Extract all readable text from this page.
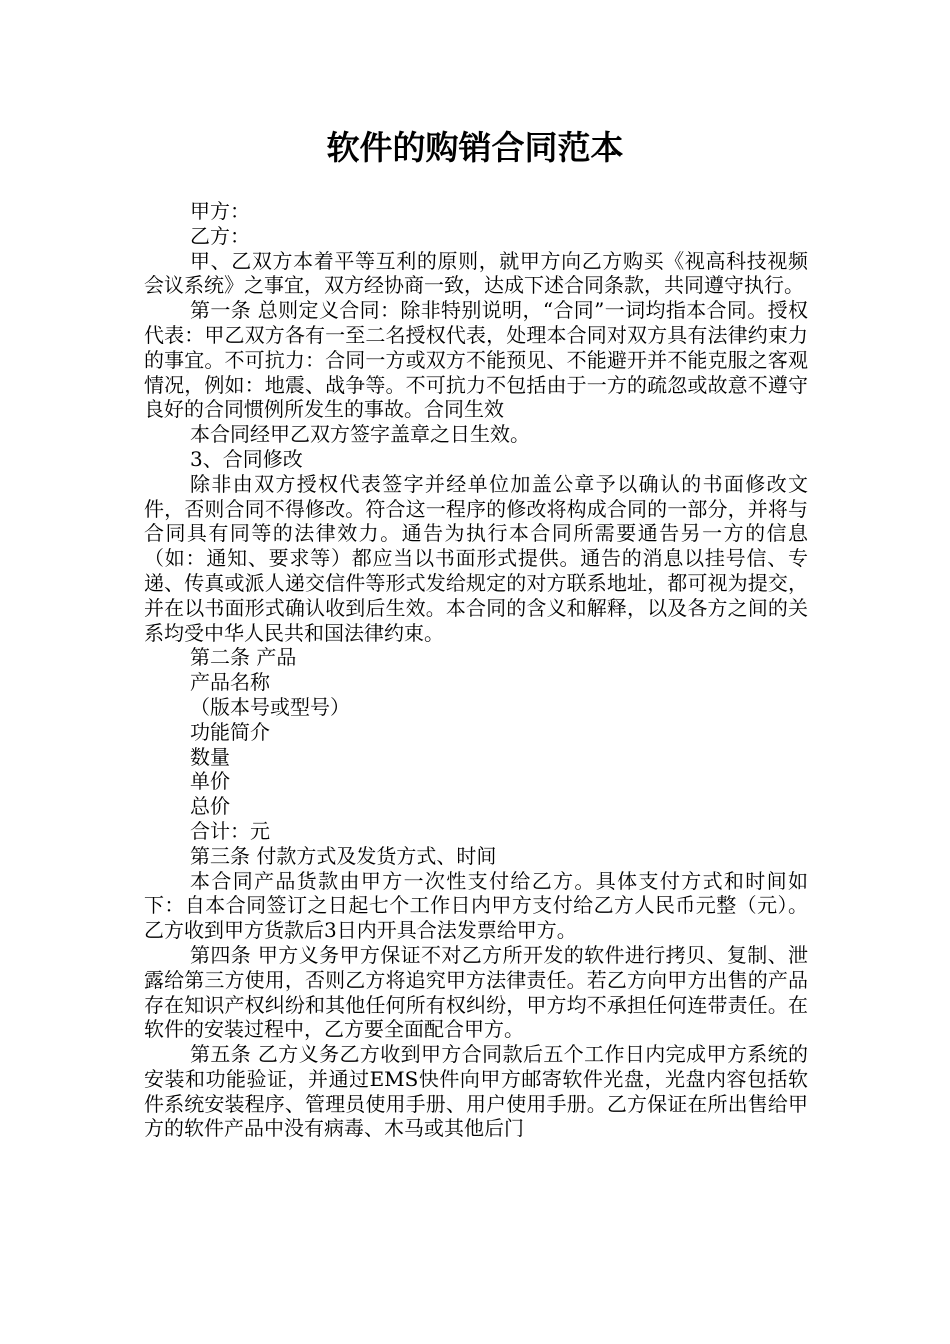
软件的购销合同范本

甲方：

乙方：

甲、乙双方本着平等互利的原则，就甲方向乙方购买《视高科技视频会议系统》之事宜，双方经协商一致，达成下述合同条款，共同遵守执行。

第一条 总则定义合同：除非特别说明，“合同”一词均指本合同。授权代表：甲乙双方各有一至二名授权代表，处理本合同对双方具有法律约束力的事宜。不可抗力：合同一方或双方不能预见、不能避开并不能克服之客观情况，例如：地震、战争等。不可抗力不包括由于一方的疏忽或故意不遵守良好的合同惯例所发生的事故。合同生效

本合同经甲乙双方签字盖章之日生效。

3、合同修改

除非由双方授权代表签字并经单位加盖公章予以确认的书面修改文件，否则合同不得修改。符合这一程序的修改将构成合同的一部分，并将与合同具有同等的法律效力。通告为执行本合同所需要通告另一方的信息（如：通知、要求等）都应当以书面形式提供。通告的消息以挂号信、专递、传真或派人递交信件等形式发给规定的对方联系地址，都可视为提交，并在以书面形式确认收到后生效。本合同的含义和解释，以及各方之间的关系均受中华人民共和国法律约束。

第二条 产品

产品名称

（版本号或型号）

功能简介

数量

单价

总价

合计：元

第三条 付款方式及发货方式、时间

本合同产品货款由甲方一次性支付给乙方。具体支付方式和时间如下：自本合同签订之日起七个工作日内甲方支付给乙方人民币元整（元）。乙方收到甲方货款后3日内开具合法发票给甲方。

第四条 甲方义务甲方保证不对乙方所开发的软件进行拷贝、复制、泄露给第三方使用，否则乙方将追究甲方法律责任。若乙方向甲方出售的产品存在知识产权纠纷和其他任何所有权纠纷，甲方均不承担任何连带责任。在软件的安装过程中，乙方要全面配合甲方。

第五条 乙方义务乙方收到甲方合同款后五个工作日内完成甲方系统的安装和功能验证，并通过EMS快件向甲方邮寄软件光盘，光盘内容包括软件系统安装程序、管理员使用手册、用户使用手册。乙方保证在所出售给甲方的软件产品中没有病毒、木马或其他后门
